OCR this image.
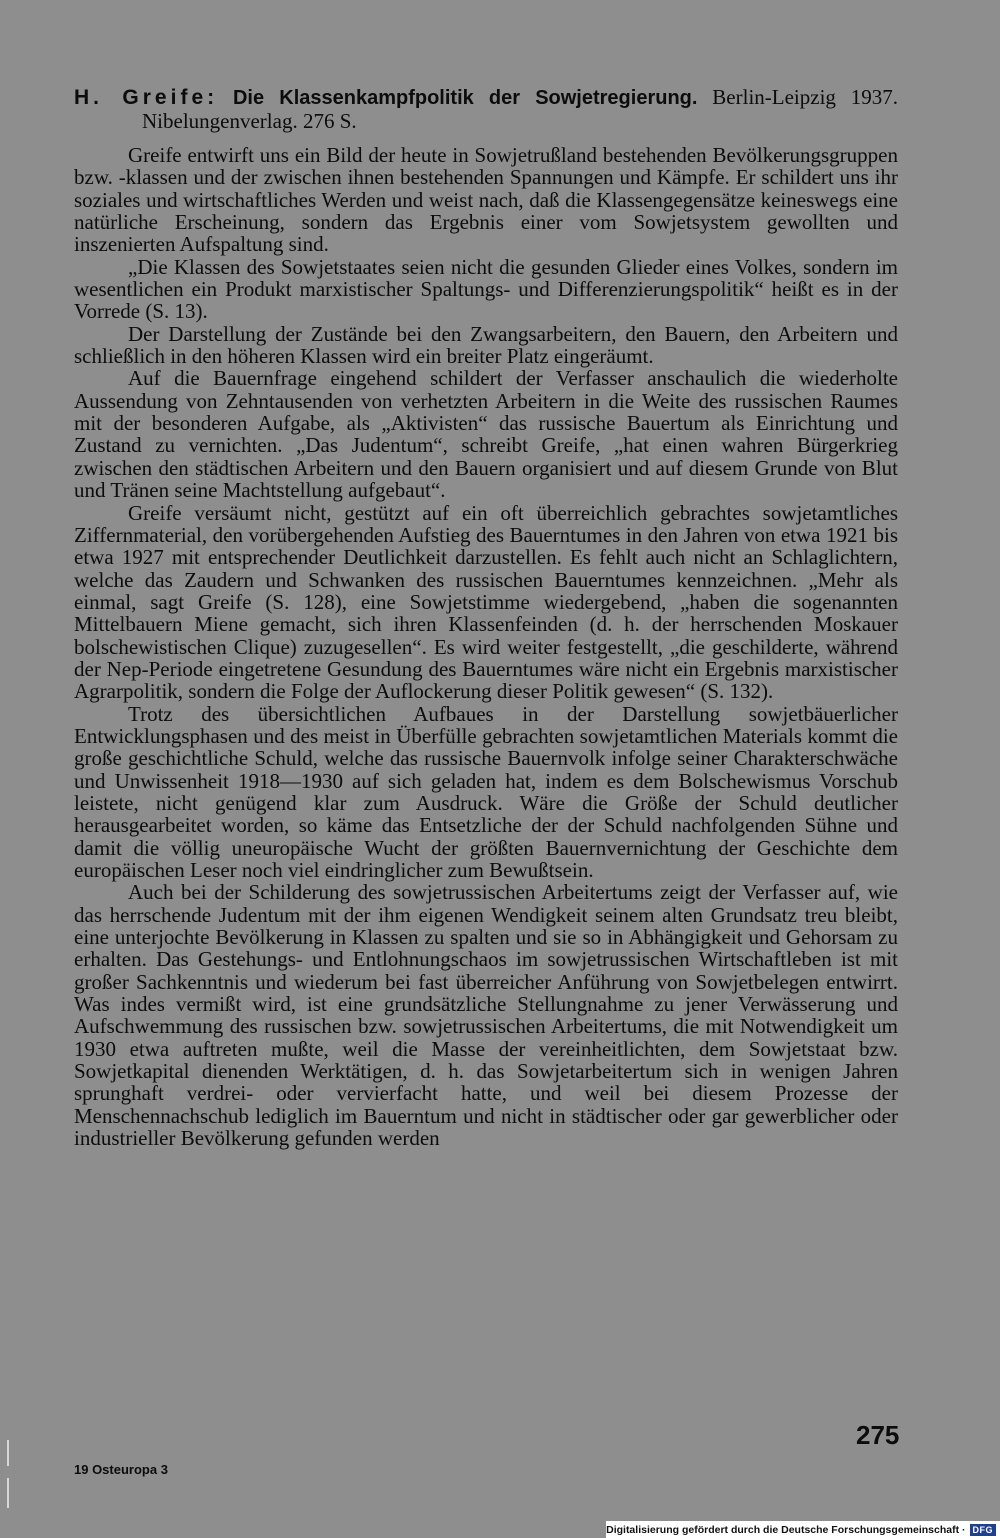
H. Greife: Die Klassenkampfpolitik der Sowjetregierung. Berlin-Leipzig 1937. Nibelungenverlag. 276 S.

Greife entwirft uns ein Bild der heute in Sowjetrußland bestehenden Bevölkerungsgruppen bzw. -klassen und der zwischen ihnen bestehenden Spannungen und Kämpfe. Er schildert uns ihr soziales und wirtschaftliches Werden und weist nach, daß die Klassengegensätze keineswegs eine natürliche Erscheinung, sondern das Ergebnis einer vom Sowjetsystem gewollten und inszenierten Aufspaltung sind.

„Die Klassen des Sowjetstaates seien nicht die gesunden Glieder eines Volkes, sondern im wesentlichen ein Produkt marxistischer Spaltungs- und Differenzierungspolitik“ heißt es in der Vorrede (S. 13).

Der Darstellung der Zustände bei den Zwangsarbeitern, den Bauern, den Arbeitern und schließlich in den höheren Klassen wird ein breiter Platz eingeräumt.

Auf die Bauernfrage eingehend schildert der Verfasser anschaulich die wiederholte Aussendung von Zehntausenden von verhetzten Arbeitern in die Weite des russischen Raumes mit der besonderen Aufgabe, als „Aktivisten“ das russische Bauertum als Einrichtung und Zustand zu vernichten. „Das Judentum“, schreibt Greife, „hat einen wahren Bürgerkrieg zwischen den städtischen Arbeitern und den Bauern organisiert und auf diesem Grunde von Blut und Tränen seine Machtstellung aufgebaut“.

Greife versäumt nicht, gestützt auf ein oft überreichlich gebrachtes sowjetamtliches Ziffernmaterial, den vorübergehenden Aufstieg des Bauerntumes in den Jahren von etwa 1921 bis etwa 1927 mit entsprechender Deutlichkeit darzustellen. Es fehlt auch nicht an Schlaglichtern, welche das Zaudern und Schwanken des russischen Bauerntumes kennzeichnen. „Mehr als einmal, sagt Greife (S. 128), eine Sowjetstimme wiedergebend, „haben die sogenannten Mittelbauern Miene gemacht, sich ihren Klassenfeinden (d. h. der herrschenden Moskauer bolschewistischen Clique) zuzugesellen“. Es wird weiter festgestellt, „die geschilderte, während der Nep-Periode eingetretene Gesundung des Bauerntumes wäre nicht ein Ergebnis marxistischer Agrarpolitik, sondern die Folge der Auflockerung dieser Politik gewesen“ (S. 132).

Trotz des übersichtlichen Aufbaues in der Darstellung sowjetbäuerlicher Entwicklungsphasen und des meist in Überfülle gebrachten sowjetamtlichen Materials kommt die große geschichtliche Schuld, welche das russische Bauernvolk infolge seiner Charakterschwäche und Unwissenheit 1918—1930 auf sich geladen hat, indem es dem Bolschewismus Vorschub leistete, nicht genügend klar zum Ausdruck. Wäre die Größe der Schuld deutlicher herausgearbeitet worden, so käme das Entsetzliche der der Schuld nachfolgenden Sühne und damit die völlig uneuropäische Wucht der größten Bauernvernichtung der Geschichte dem europäischen Leser noch viel eindringlicher zum Bewußtsein.

Auch bei der Schilderung des sowjetrussischen Arbeitertums zeigt der Verfasser auf, wie das herrschende Judentum mit der ihm eigenen Wendigkeit seinem alten Grundsatz treu bleibt, eine unterjochte Bevölkerung in Klassen zu spalten und sie so in Abhängigkeit und Gehorsam zu erhalten. Das Gestehungs- und Entlohnungschaos im sowjetrussischen Wirtschaftleben ist mit großer Sachkenntnis und wiederum bei fast überreicher Anführung von Sowjetbelegen entwirrt. Was indes vermißt wird, ist eine grundsätzliche Stellungnahme zu jener Verwässerung und Aufschwemmung des russischen bzw. sowjetrussischen Arbeitertums, die mit Notwendigkeit um 1930 etwa auftreten mußte, weil die Masse der vereinheitlichten, dem Sowjetstaat bzw. Sowjetkapital dienenden Werktätigen, d. h. das Sowjetarbeitertum sich in wenigen Jahren sprunghaft verdrei- oder vervierfacht hatte, und weil bei diesem Prozesse der Menschennachschub lediglich im Bauerntum und nicht in städtischer oder gar gewerblicher oder industrieller Bevölkerung gefunden werden

275
19 Osteuropa 3
Digitalisierung gefördert durch die Deutsche Forschungsgemeinschaft · DFG
